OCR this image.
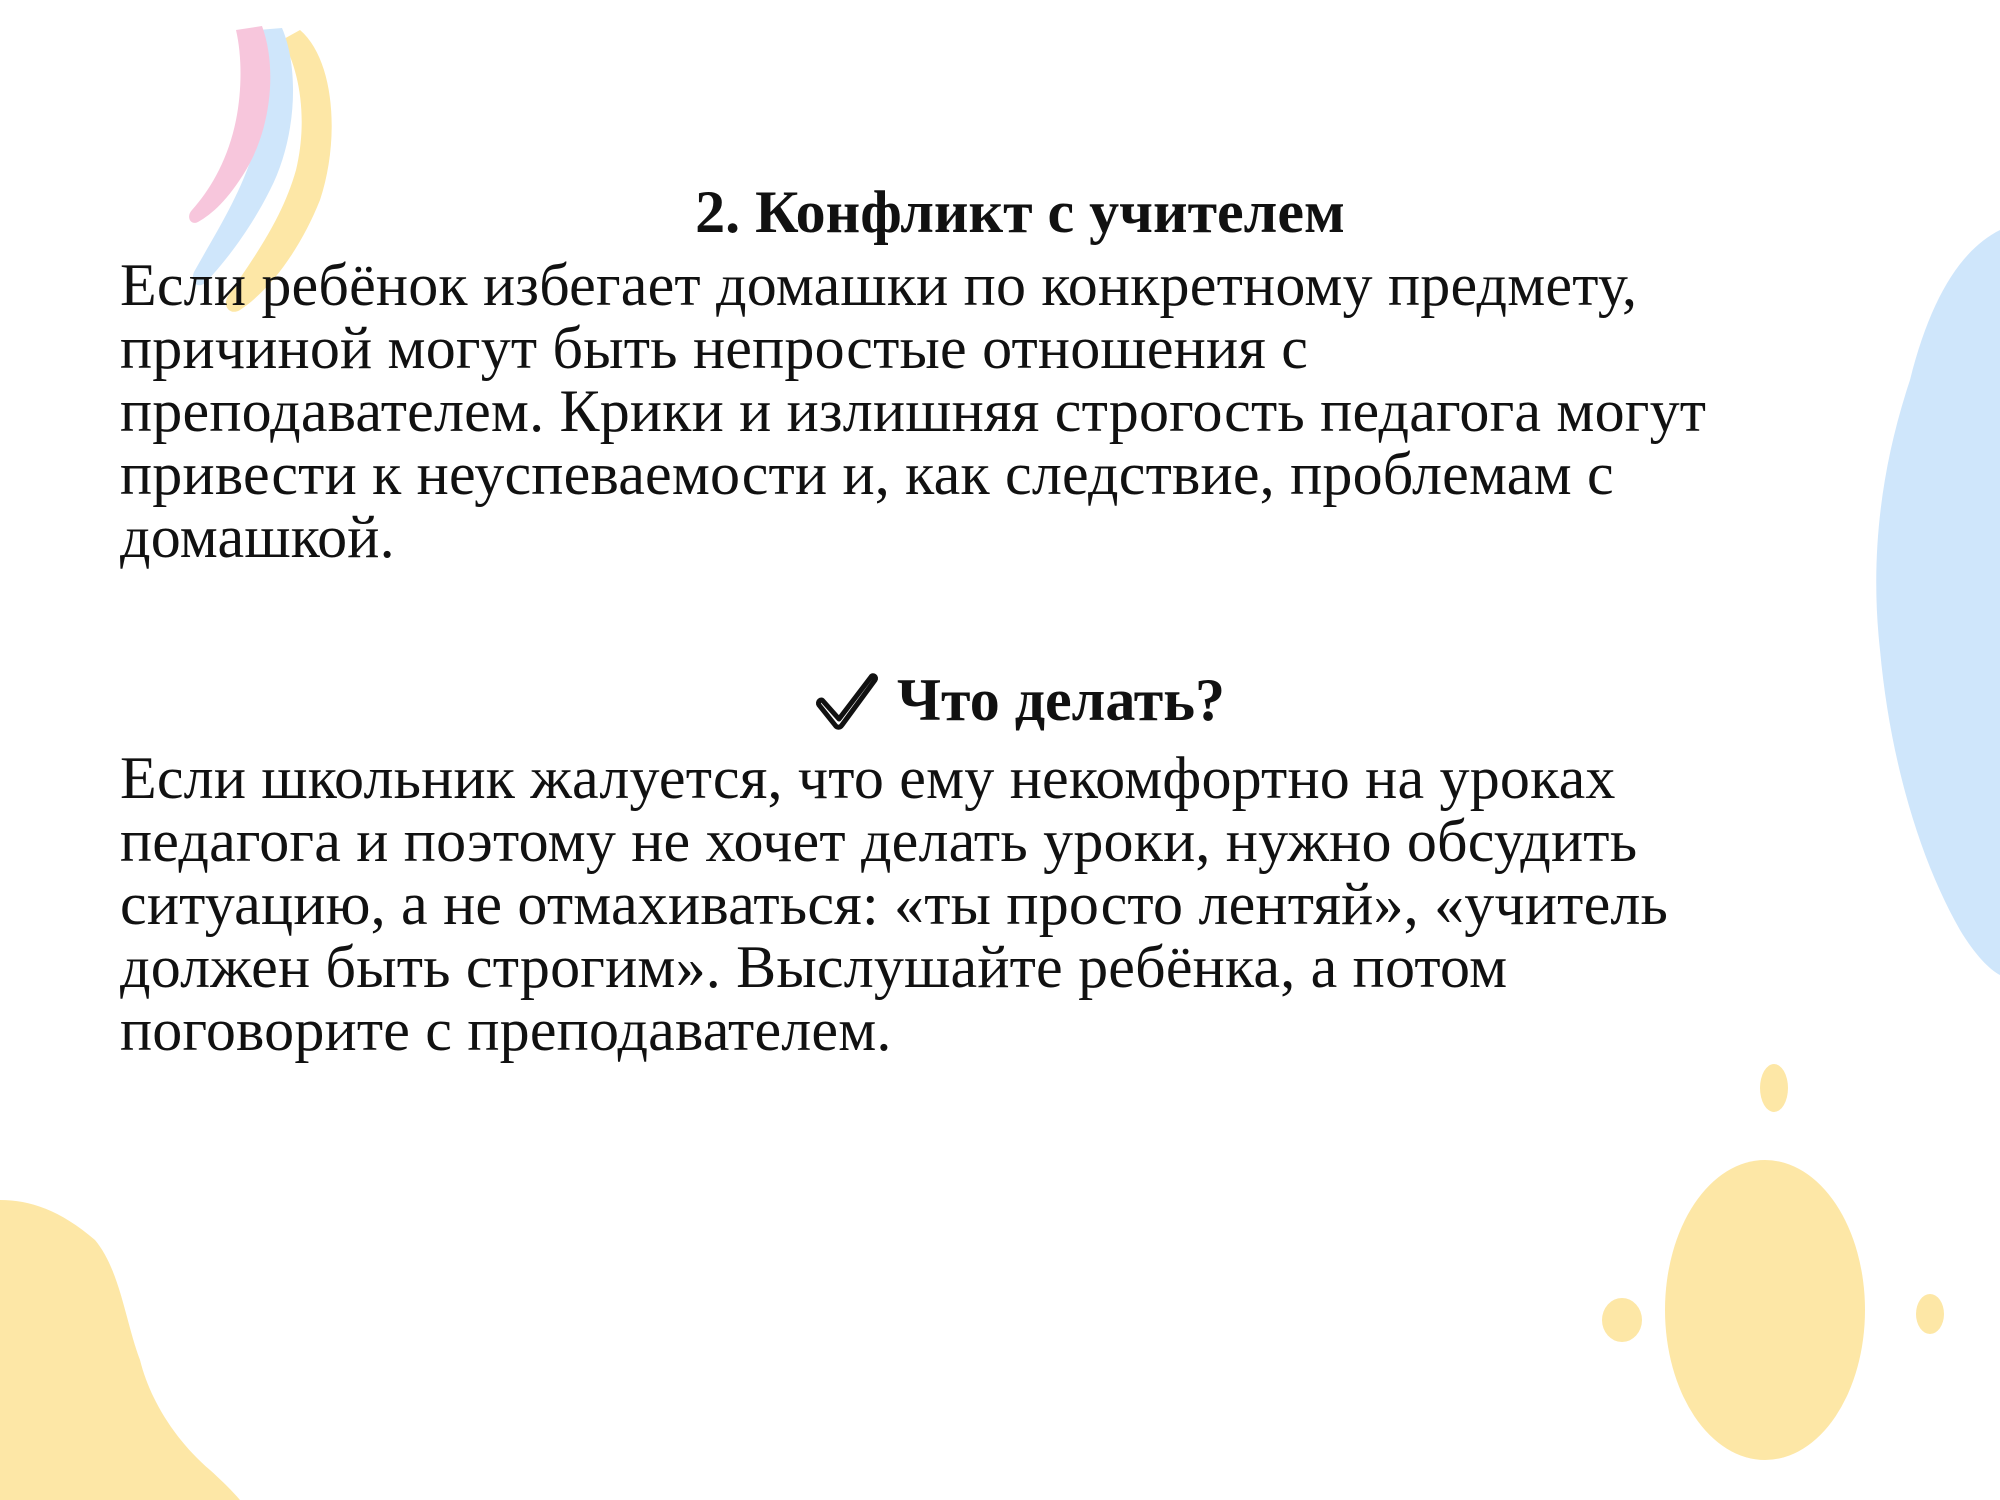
2. Конфликт с учителем

Если ребёнок избегает домашки по конкретному предмету,
причиной могут быть непростые отношения с
преподавателем. Крики и излишняя строгость педагога могут
привести к неуспеваемости и, как следствие, проблемам с
домашкой.

Что делать?

Если школьник жалуется, что ему некомфортно на уроках
педагога и поэтому не хочет делать уроки, нужно обсудить
ситуацию, а не отмахиваться: «ты просто лентяй», «учитель
должен быть строгим». Выслушайте ребёнка, а потом
поговорите с преподавателем.
